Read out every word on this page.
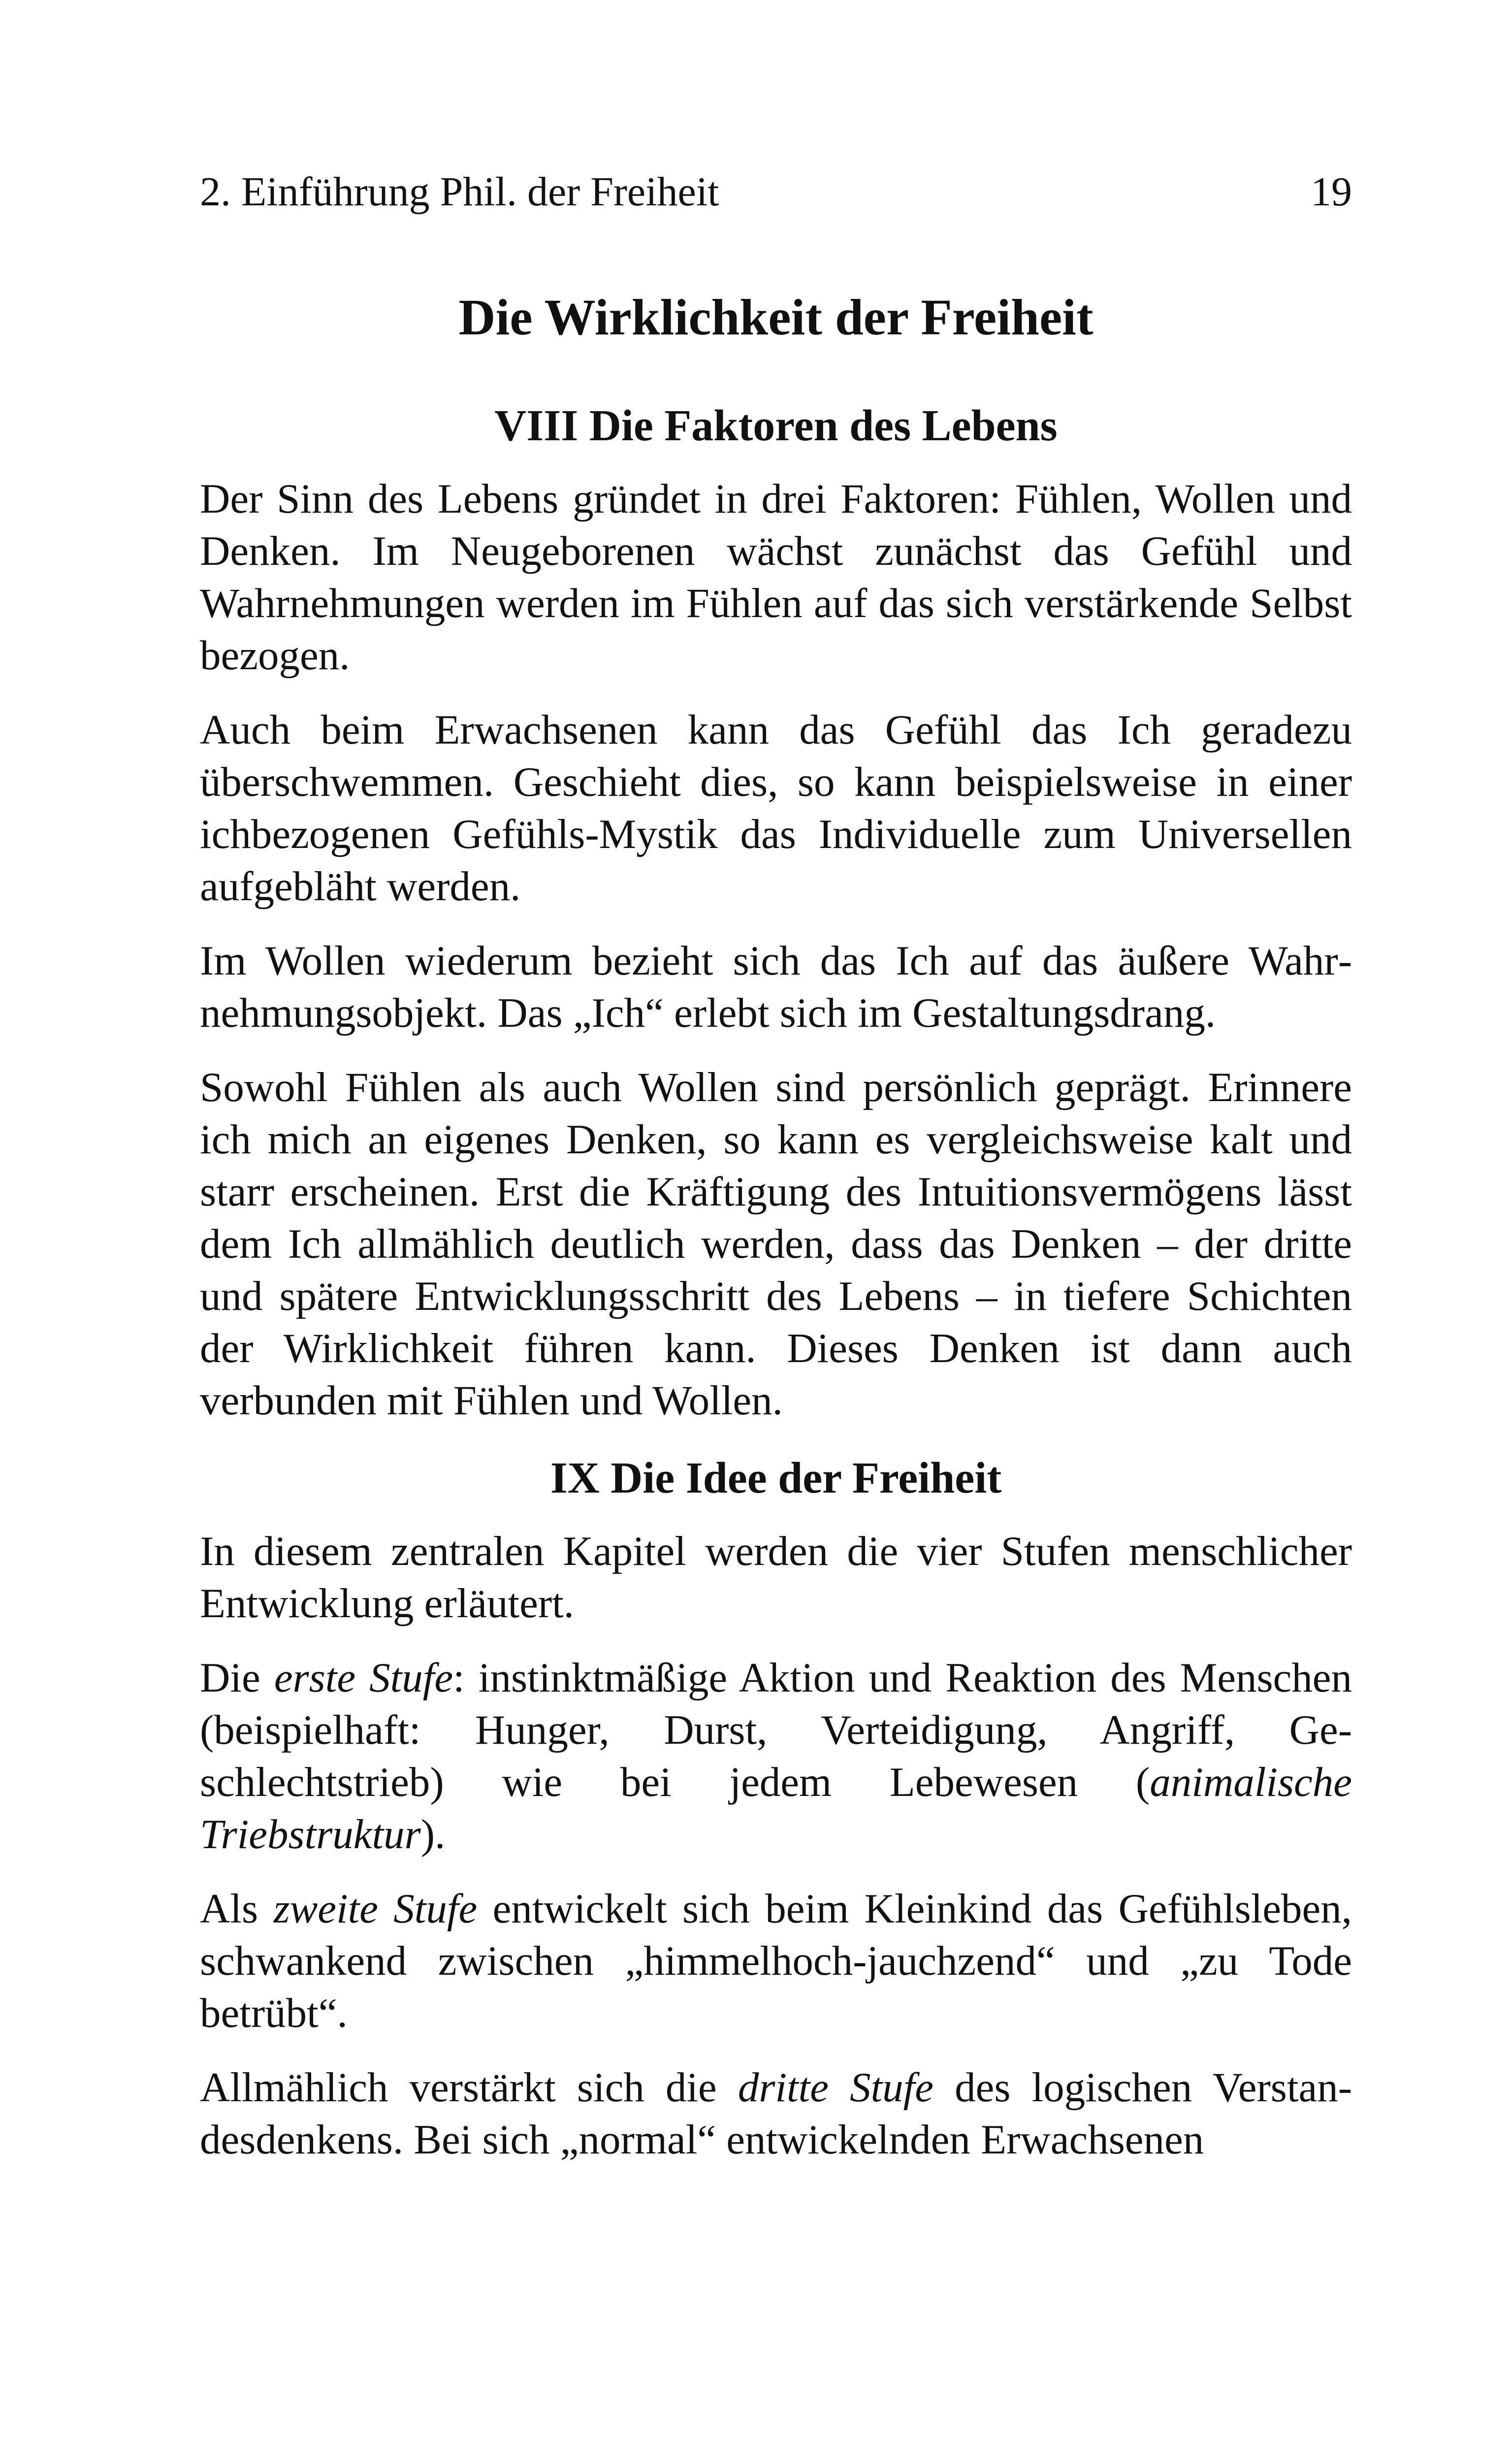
2. Einführung Phil. der Freiheit	19
Die Wirklichkeit der Freiheit
VIII Die Faktoren des Lebens

Der Sinn des Lebens gründet in drei Faktoren: Fühlen, Wollen und Denken. Im Neugeborenen wächst zunächst das Gefühl und Wahrnehmungen werden im Fühlen auf das sich verstärkende Selbst bezogen.

Auch beim Erwachsenen kann das Gefühl das Ich geradezu überschwemmen. Geschieht dies, so kann beispielsweise in einer ichbezogenen Gefühls-Mystik das Individuelle zum Universellen aufgebläht werden.

Im Wollen wiederum bezieht sich das Ich auf das äußere Wahrnehmungsobjekt. Das „Ich“ erlebt sich im Gestaltungsdrang.

Sowohl Fühlen als auch Wollen sind persönlich geprägt. Erinnere ich mich an eigenes Denken, so kann es vergleichsweise kalt und starr erscheinen. Erst die Kräftigung des Intuitionsvermögens lässt dem Ich allmählich deutlich werden, dass das Denken – der dritte und spätere Entwicklungsschritt des Lebens – in tiefere Schichten der Wirklichkeit führen kann. Dieses Denken ist dann auch verbunden mit Fühlen und Wollen.

IX Die Idee der Freiheit

In diesem zentralen Kapitel werden die vier Stufen menschlicher Entwicklung erläutert.

Die erste Stufe: instinktmäßige Aktion und Reaktion des Menschen (beispielhaft: Hunger, Durst, Verteidigung, Angriff, Geschlechtstrieb) wie bei jedem Lebewesen (animalische Triebstruktur).

Als zweite Stufe entwickelt sich beim Kleinkind das Gefühlsleben, schwankend zwischen „himmelhoch-jauchzend“ und „zu Tode betrübt“.

Allmählich verstärkt sich die dritte Stufe des logischen Verstandesdenkens. Bei sich „normal“ entwickelnden Erwachsenen
